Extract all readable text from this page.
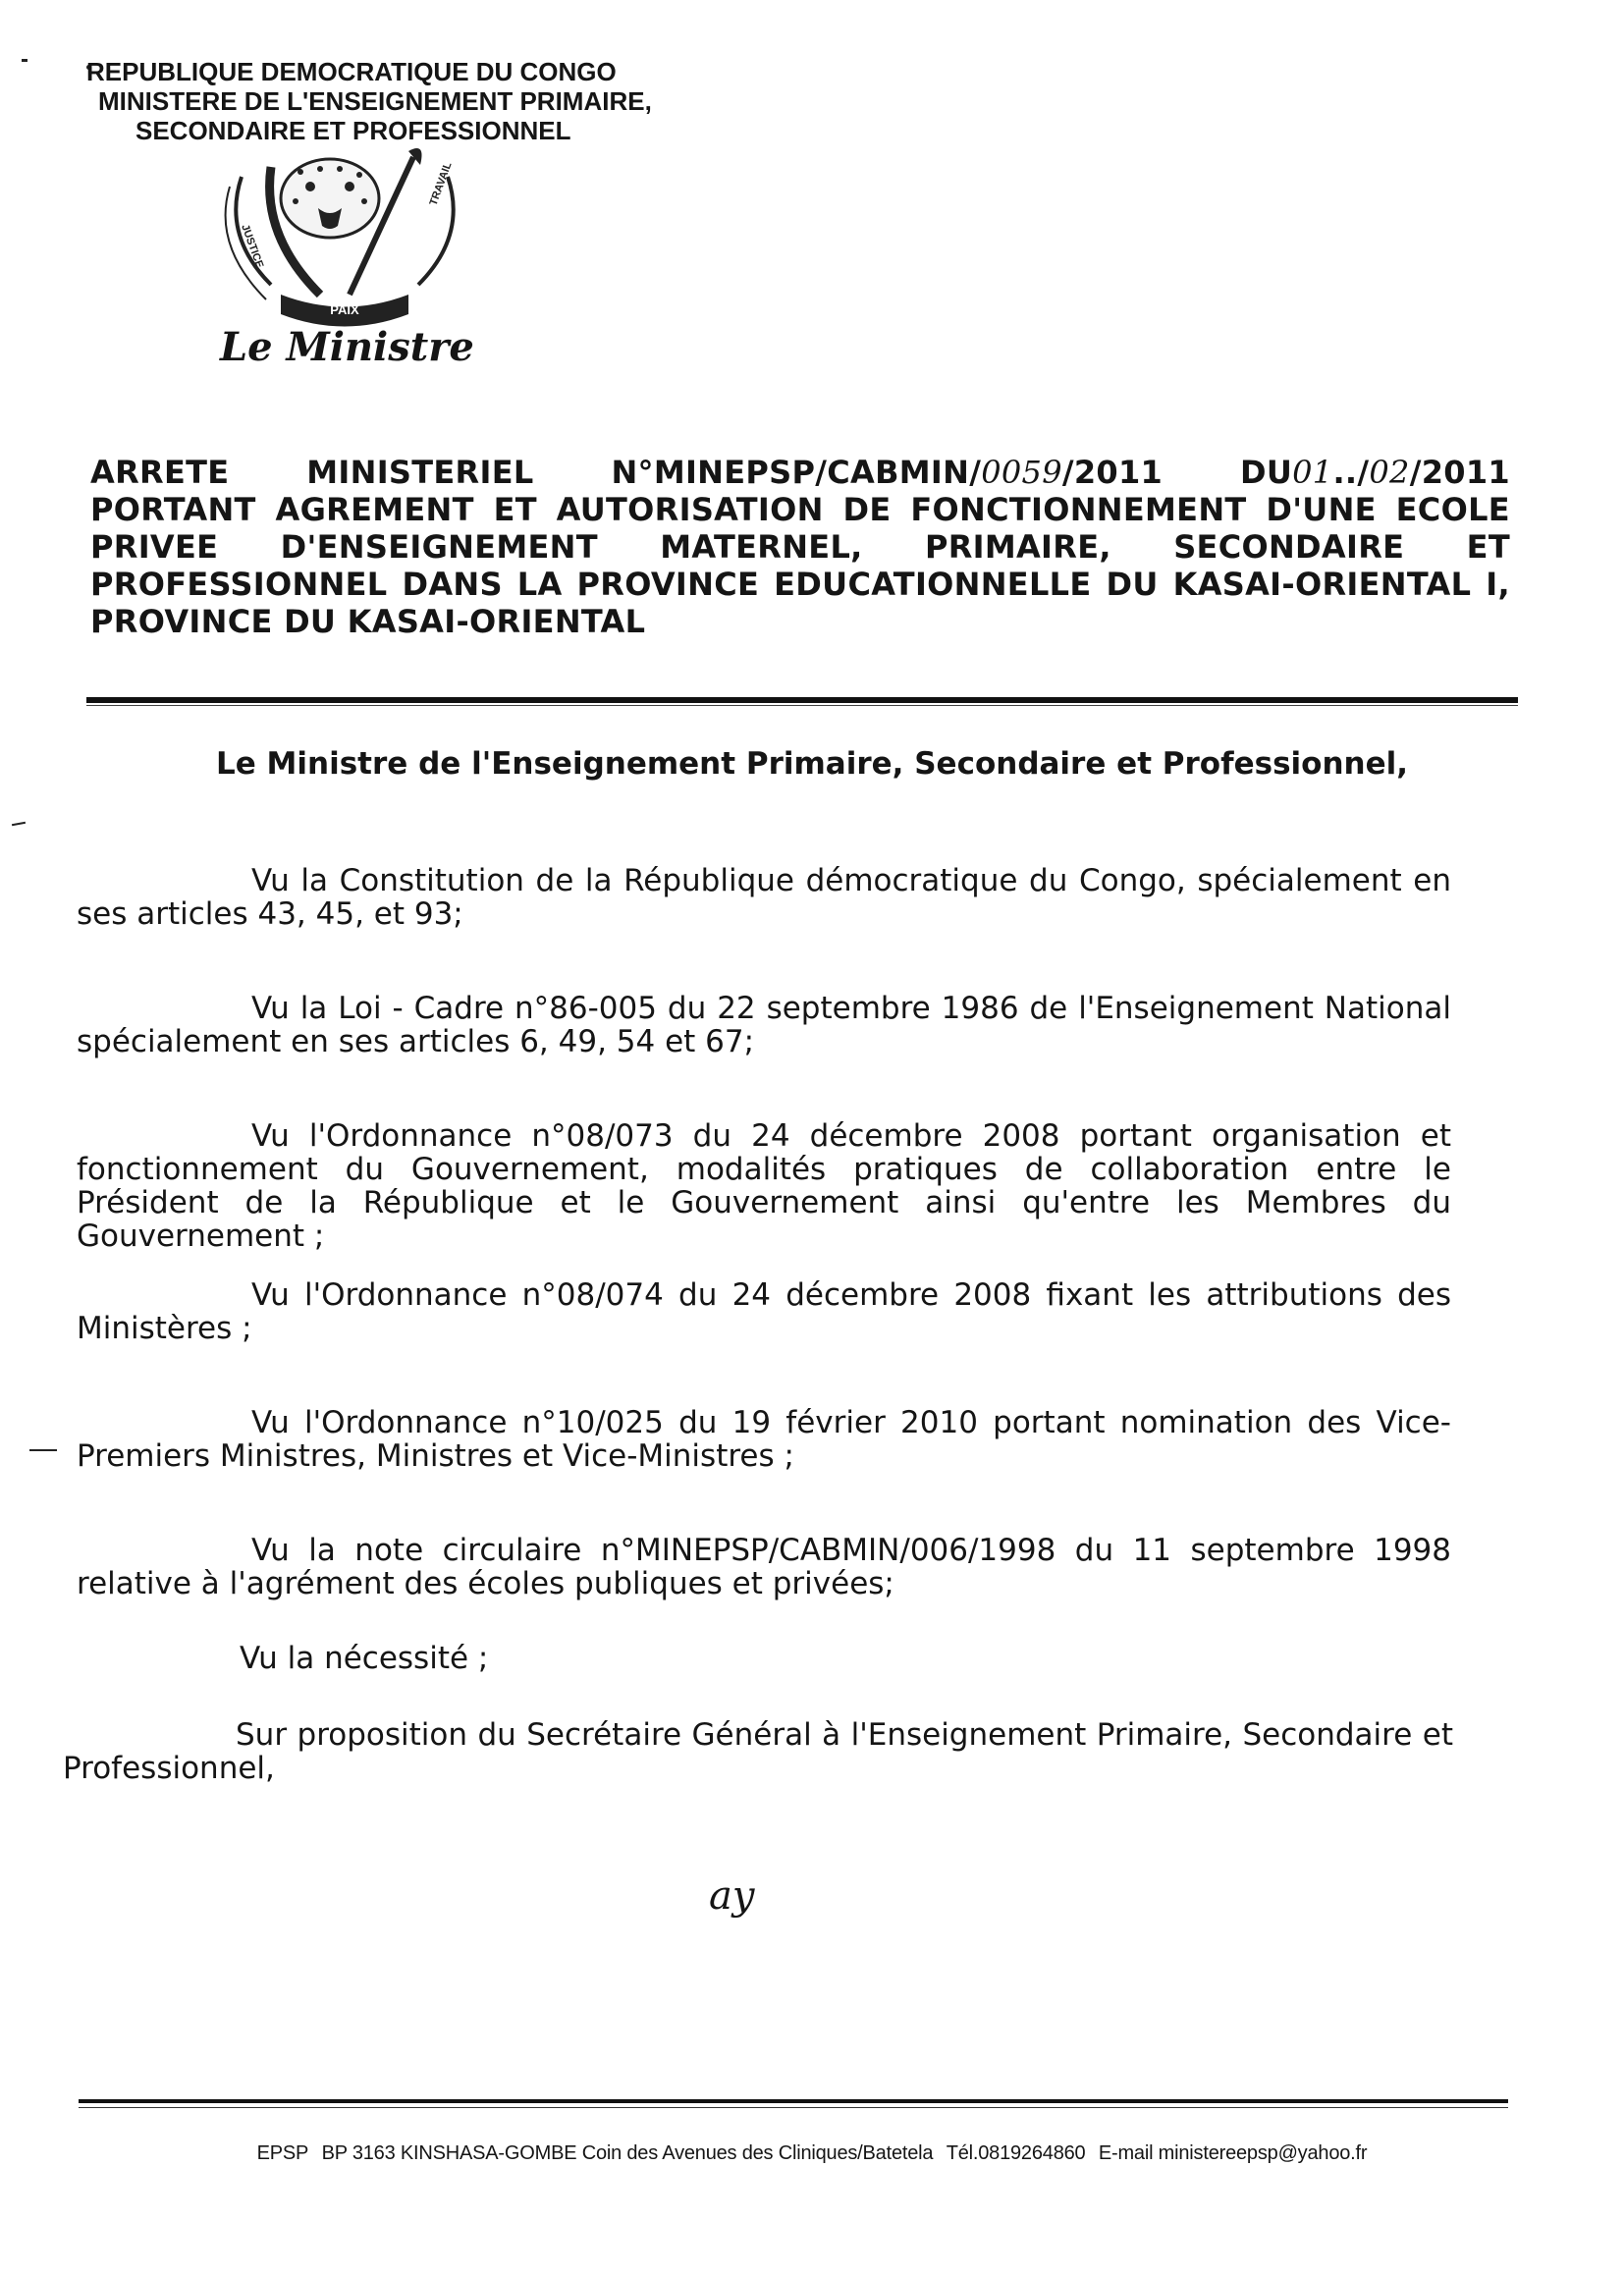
REPUBLIQUE DEMOCRATIQUE DU CONGO
MINISTERE DE L'ENSEIGNEMENT PRIMAIRE,
SECONDAIRE ET PROFESSIONNEL
PAIX
JUSTICE
TRAVAIL
Le Ministre
ARRETE MINISTERIEL N°MINEPSP/CABMIN/0059/2011 DU01../02/2011
PORTANT AGREMENT ET AUTORISATION DE FONCTIONNEMENT D'UNE ECOLE
PRIVEE D'ENSEIGNEMENT MATERNEL, PRIMAIRE, SECONDAIRE ET
PROFESSIONNEL DANS LA PROVINCE EDUCATIONNELLE DU KASAI-ORIENTAL I,
PROVINCE DU KASAI-ORIENTAL
Le Ministre de l'Enseignement Primaire, Secondaire et Professionnel,
Vu la Constitution de la République démocratique du Congo, spécialement en ses articles 43, 45, et 93;
Vu la Loi - Cadre n°86-005 du 22 septembre 1986 de l'Enseignement National spécialement en ses articles 6, 49, 54 et 67;
Vu l'Ordonnance n°08/073 du 24 décembre 2008 portant organisation et fonctionnement du Gouvernement, modalités pratiques de collaboration entre le Président de la République et le Gouvernement ainsi qu'entre les Membres du Gouvernement ;
Vu l'Ordonnance n°08/074 du 24 décembre 2008 fixant les attributions des Ministères ;
Vu l'Ordonnance n°10/025 du 19 février 2010 portant nomination des Vice-Premiers Ministres, Ministres et Vice-Ministres ;
Vu la note circulaire n°MINEPSP/CABMIN/006/1998 du 11 septembre 1998 relative à l'agrément des écoles publiques et privées;
Vu la nécessité ;
Sur proposition du Secrétaire Général à l'Enseignement Primaire, Secondaire et Professionnel,
ay
EPSP BP 3163 KINSHASA-GOMBE Coin des Avenues des Cliniques/Batetela Tél.0819264860 E-mail ministereepsp@yahoo.fr
